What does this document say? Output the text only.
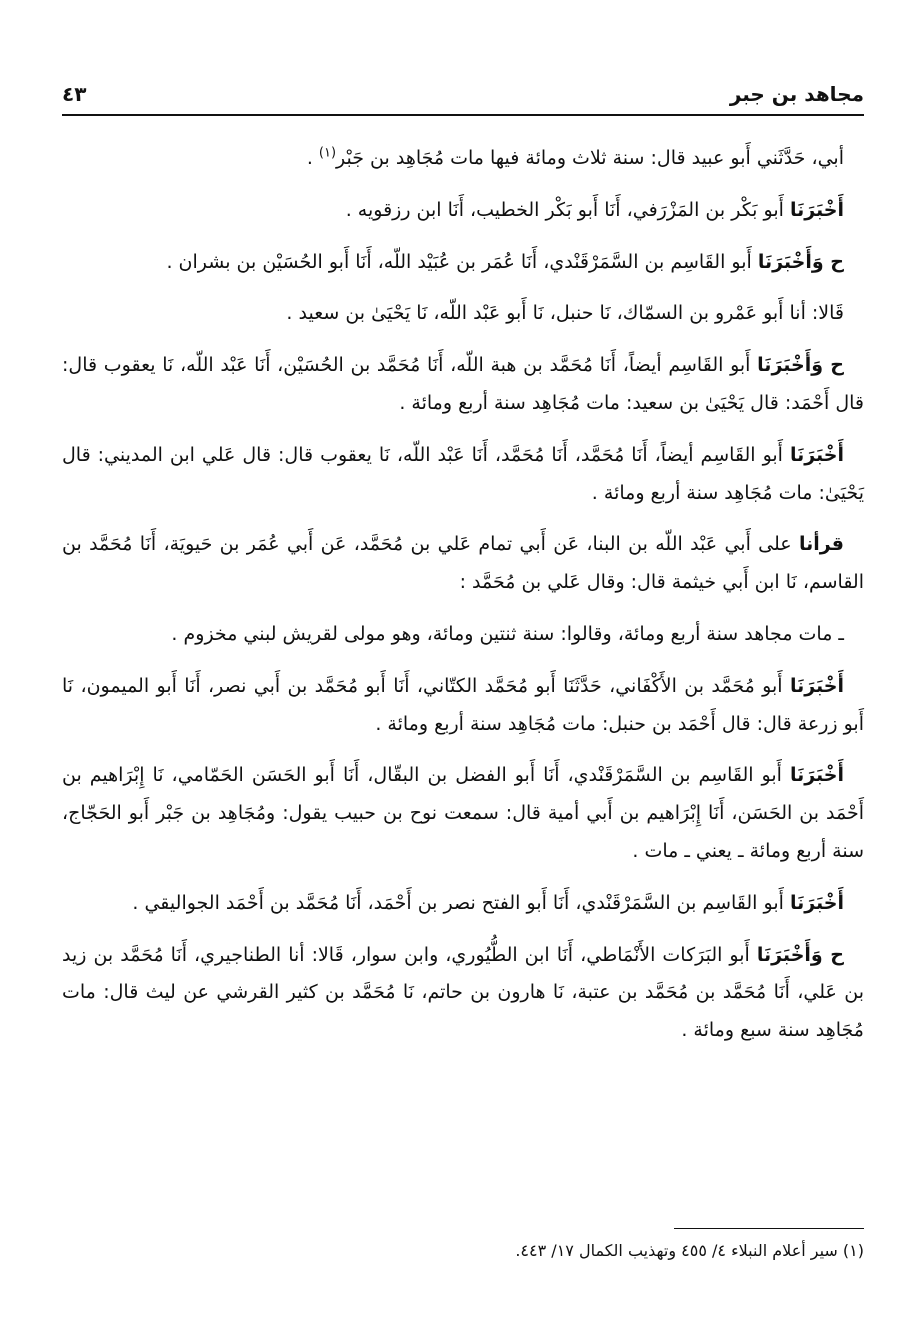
مجاهد بن جبر
٤٣

أبي، حَدَّثَني أَبو عبيد قال: سنة ثلاث ومائة فيها مات مُجَاهِد بن جَبْر$^{(١)}$ .

أَخْبَرَنَا أَبو بَكْر بن المَزْرَفي، أَنَا أَبو بَكْر الخطيب، أَنَا ابن رزقويه .

ح وَأَخْبَرَنَا أَبو القَاسِم بن السَّمَرْقَنْدي، أَنَا عُمَر بن عُبَيْد اللّه، أَنَا أَبو الحُسَيْن بن بشران .

قَالا: أنا أَبو عَمْرو بن السمّاك، نَا حنبل، نَا أَبو عَبْد اللّه، نَا يَحْيَىٰ بن سعيد .

ح وَأَخْبَرَنَا أَبو القَاسِم أيضاً، أَنَا مُحَمَّد بن هبة اللّه، أَنَا مُحَمَّد بن الحُسَيْن، أَنَا عَبْد اللّه، نَا يعقوب قال: قال أَحْمَد: قال يَحْيَىٰ بن سعيد: مات مُجَاهِد سنة أربع ومائة .

أَخْبَرَنَا أَبو القَاسِم أيضاً، أَنَا مُحَمَّد، أَنَا مُحَمَّد، أَنَا عَبْد اللّه، نَا يعقوب قال: قال عَلي ابن المديني: قال يَحْيَىٰ: مات مُجَاهِد سنة أربع ومائة .

قرأنا على أَبي عَبْد اللّه بن البنا، عَن أَبي تمام عَلي بن مُحَمَّد، عَن أَبي عُمَر بن حَيويَة، أَنَا مُحَمَّد بن القاسم، نَا ابن أَبي خيثمة قال: وقال عَلي بن مُحَمَّد :

ـ مات مجاهد سنة أربع ومائة، وقالوا: سنة ثنتين ومائة، وهو مولى لقريش لبني مخزوم .

أَخْبَرَنَا أَبو مُحَمَّد بن الأَكْفَاني، حَدَّثَنَا أَبو مُحَمَّد الكتّاني، أَنَا أَبو مُحَمَّد بن أَبي نصر، أَنَا أَبو الميمون، نَا أَبو زرعة قال: قال أَحْمَد بن حنبل: مات مُجَاهِد سنة أربع ومائة .

أَخْبَرَنَا أَبو القَاسِم بن السَّمَرْقَنْدي، أَنَا أَبو الفضل بن البقّال، أَنَا أَبو الحَسَن الحَمّامي، نَا إِبْرَاهيم بن أَحْمَد بن الحَسَن، أَنَا إِبْرَاهيم بن أَبي أمية قال: سمعت نوح بن حبيب يقول: ومُجَاهِد بن جَبْر أَبو الحَجّاج، سنة أربع ومائة ـ يعني ـ مات .

أَخْبَرَنَا أَبو القَاسِم بن السَّمَرْقَنْدي، أَنَا أَبو الفتح نصر بن أَحْمَد، أَنَا مُحَمَّد بن أَحْمَد الجواليقي .

ح وَأَخْبَرَنَا أَبو البَرَكات الأَنْمَاطي، أَنَا ابن الطُّيُوري، وابن سوار، قَالا: أنا الطناجيري، أَنَا مُحَمَّد بن زيد بن عَلي، أَنَا مُحَمَّد بن مُحَمَّد بن عتبة، نَا هارون بن حاتم، نَا مُحَمَّد بن كثير القرشي عن ليث قال: مات مُجَاهِد سنة سبع ومائة .

(١) سير أعلام النبلاء ٤/ ٤٥٥ وتهذيب الكمال ١٧/ ٤٤٣.
